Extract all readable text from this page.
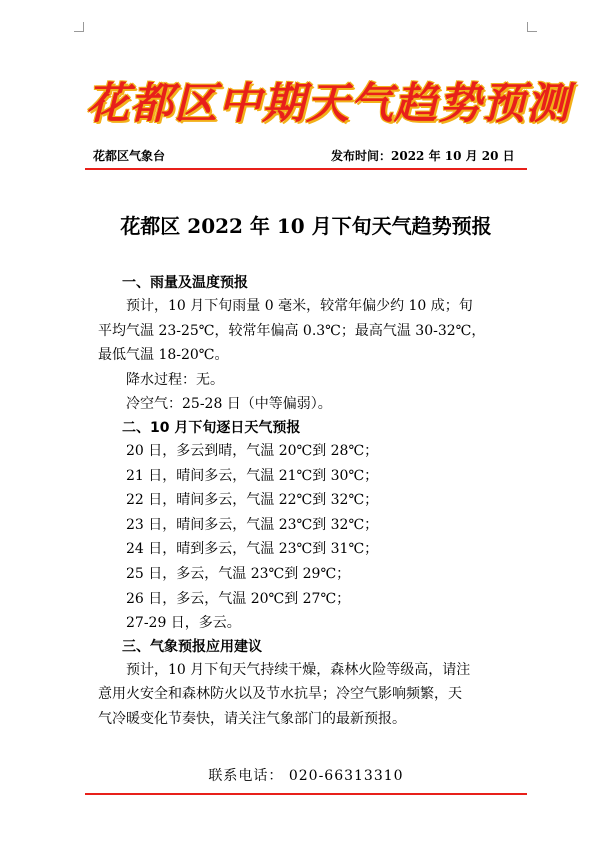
花都区中期天气趋势预测
花都区气象台	发布时间：2022 年 10 月 20 日
花都区 2022 年 10 月下旬天气趋势预报
一、雨量及温度预报
预计，10 月下旬雨量 0 毫米，较常年偏少约 10 成；旬
平均气温 23-25℃，较常年偏高 0.3℃；最高气温 30-32℃，
最低气温 18-20℃。
降水过程：无。
冷空气：25-28 日（中等偏弱）。
二、10 月下旬逐日天气预报
20 日，多云到晴，气温 20℃到 28℃；
21 日，晴间多云，气温 21℃到 30℃；
22 日，晴间多云，气温 22℃到 32℃；
23 日，晴间多云，气温 23℃到 32℃；
24 日，晴到多云，气温 23℃到 31℃；
25 日，多云，气温 23℃到 29℃；
26 日，多云，气温 20℃到 27℃；
27-29 日，多云。
三、气象预报应用建议
预计，10 月下旬天气持续干燥，森林火险等级高，请注
意用火安全和森林防火以及节水抗旱；冷空气影响频繁，天
气冷暖变化节奏快，请关注气象部门的最新预报。
联系电话： 020-66313310
